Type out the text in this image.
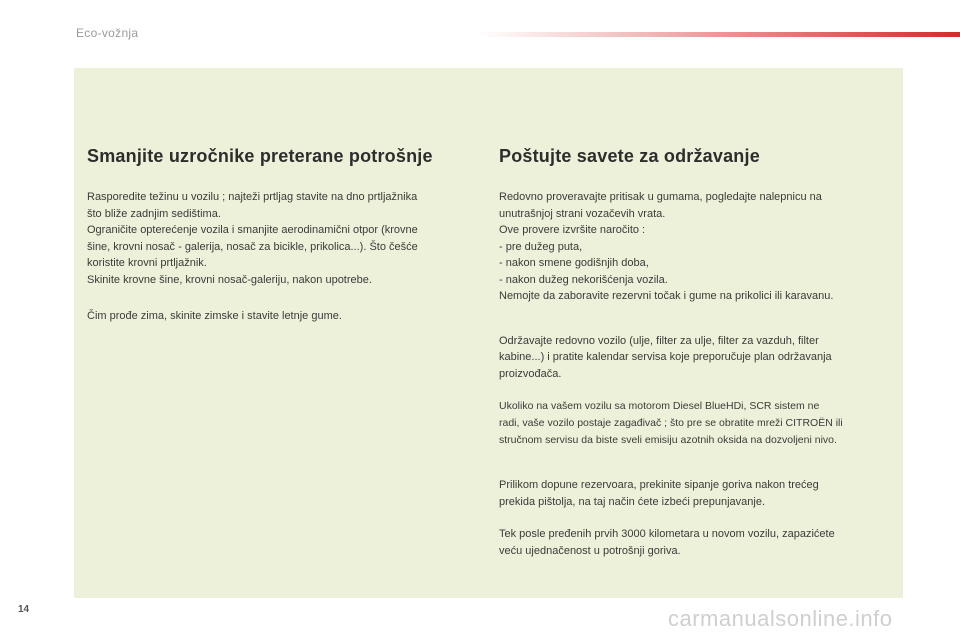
Eco-vožnja
Smanjite uzročnike preterane potrošnje

Rasporedite težinu u vozilu ; najteži prtljag stavite na dno prtljažnika
što bliže zadnjim sedištima.
Ograničite opterećenje vozila i smanjite aerodinamični otpor (krovne
šine, krovni nosač - galerija, nosač za bicikle, prikolica...). Što češće
koristite krovni prtljažnik.
Skinite krovne šine, krovni nosač-galeriju, nakon upotrebe.

Čim prođe zima, skinite zimske i stavite letnje gume.

Poštujte savete za održavanje

Redovno proveravajte pritisak u gumama, pogledajte nalepnicu na
unutrašnjoj strani vozačevih vrata.
Ove provere izvršite naročito :
- pre dužeg puta,
- nakon smene godišnjih doba,
- nakon dužeg nekorišćenja vozila.
Nemojte da zaboravite rezervni točak i gume na prikolici ili karavanu.

Održavajte redovno vozilo (ulje, filter za ulje, filter za vazduh, filter
kabine...) i pratite kalendar servisa koje preporučuje plan održavanja
proizvođača.

Ukoliko na vašem vozilu sa motorom Diesel BlueHDi, SCR sistem ne
radi, vaše vozilo postaje zagađivač ; što pre se obratite mreži CITROËN ili
stručnom servisu da biste sveli emisiju azotnih oksida na dozvoljeni nivo.

Prilikom dopune rezervoara, prekinite sipanje goriva nakon trećeg
prekida pištolja, na taj način ćete izbeći prepunjavanje.

Tek posle pređenih prvih 3000 kilometara u novom vozilu, zapazićete
veću ujednačenost u potrošnji goriva.

14	carmanualsonline.info
